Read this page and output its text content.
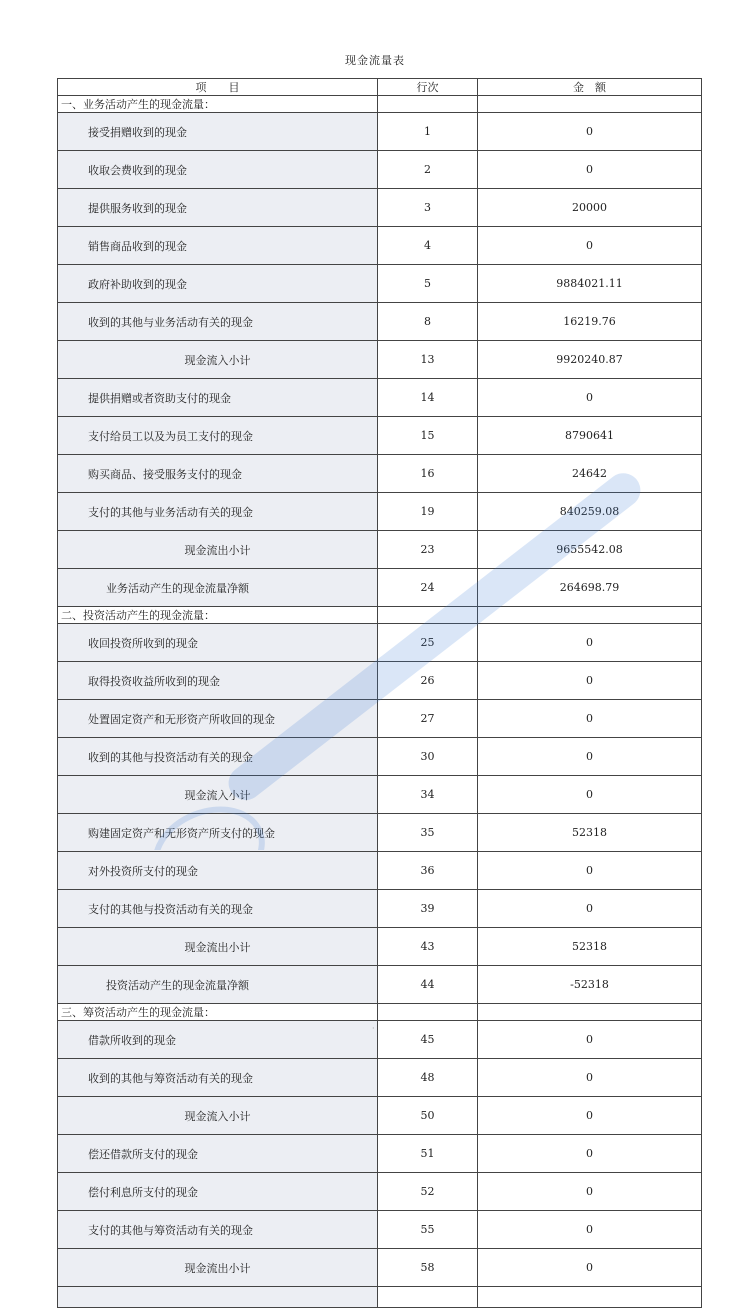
现金流量表
项　　目	行次	金　额
一、业务活动产生的现金流量：		
接受捐赠收到的现金	1	0
收取会费收到的现金	2	0
提供服务收到的现金	3	20000
销售商品收到的现金	4	0
政府补助收到的现金	5	9884021.11
收到的其他与业务活动有关的现金	8	16219.76
现金流入小计	13	9920240.87
提供捐赠或者资助支付的现金	14	0
支付给员工以及为员工支付的现金	15	8790641
购买商品、接受服务支付的现金	16	24642
支付的其他与业务活动有关的现金	19	840259.08
现金流出小计	23	9655542.08
业务活动产生的现金流量净额	24	264698.79
二、投资活动产生的现金流量：		
收回投资所收到的现金	25	0
取得投资收益所收到的现金	26	0
处置固定资产和无形资产所收回的现金	27	0
收到的其他与投资活动有关的现金	30	0
现金流入小计	34	0
购建固定资产和无形资产所支付的现金	35	52318
对外投资所支付的现金	36	0
支付的其他与投资活动有关的现金	39	0
现金流出小计	43	52318
投资活动产生的现金流量净额	44	-52318
三、筹资活动产生的现金流量：		
借款所收到的现金	45	0
收到的其他与筹资活动有关的现金	48	0
现金流入小计	50	0
偿还借款所支付的现金	51	0
偿付利息所支付的现金	52	0
支付的其他与筹资活动有关的现金	55	0
现金流出小计	58	0

·
